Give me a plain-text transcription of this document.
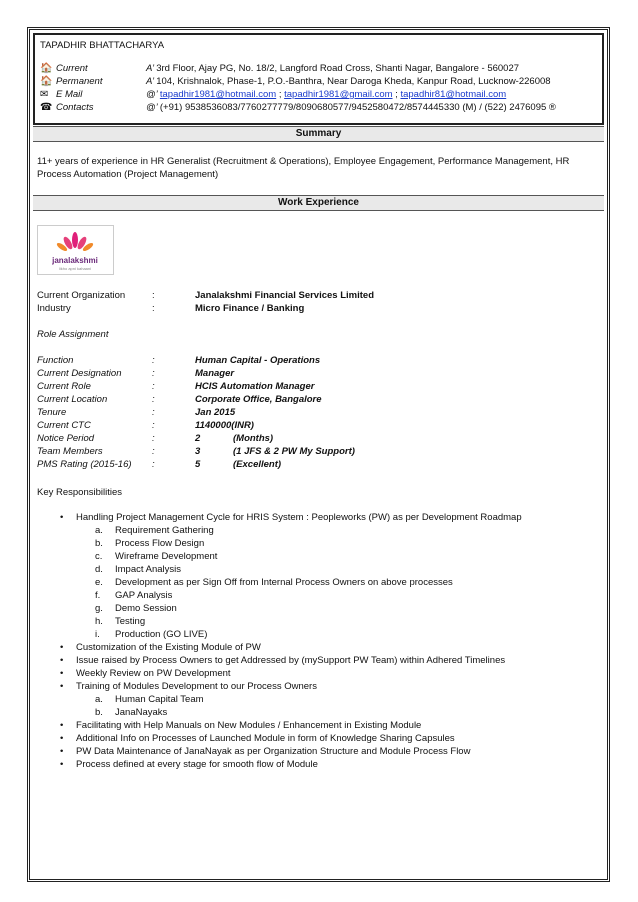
TAPADHIR BHATTACHARYA
🏠 Current	A’ 3rd Floor, Ajay PG, No. 18/2, Langford Road Cross, Shanti Nagar, Bangalore - 560027
🏠 Permanent	A’ 104, Krishnalok, Phase-1, P.O.-Banthra, Near Daroga Kheda, Kanpur Road, Lucknow-226008
✉ E Mail	@’ tapadhir1981@hotmail.com ; tapadhir1981@gmail.com ; tapadhir81@hotmail.com
☎ Contacts	@’ (+91) 9538536083/7760277779/8090680577/9452580472/8574445330 (M) / (522) 2476095 ®
Summary
11+ years of experience in HR Generalist (Recruitment & Operations), Employee Engagement, Performance Management, HR Process Automation (Project Management)
Work Experience
janalakshmi
likho apni kahaani
Current Organization	:	Janalakshmi Financial Services Limited
Industry	:	Micro Finance / Banking
Role Assignment
Function	:	Human Capital - Operations
Current Designation	:	Manager
Current Role	:	HCIS Automation Manager
Current Location	:	Corporate Office, Bangalore
Tenure	:	Jan 2015
Current CTC	:	1140000(INR)
Notice Period	:	2	(Months)
Team Members	:	3	(1 JFS & 2 PW My Support)
PMS Rating (2015-16)	:	5	(Excellent)
Key Responsibilities
• Handling Project Management Cycle for HRIS System : Peopleworks (PW) as per Development Roadmap
a. Requirement Gathering
b. Process Flow Design
c. Wireframe Development
d. Impact Analysis
e. Development as per Sign Off from Internal Process Owners on above processes
f. GAP Analysis
g. Demo Session
h. Testing
i. Production (GO LIVE)
• Customization of the Existing Module of PW
• Issue raised by Process Owners to get Addressed by (mySupport PW Team) within Adhered Timelines
• Weekly Review on PW Development
• Training of Modules Development to our Process Owners
a. Human Capital Team
b. JanaNayaks
• Facilitating with Help Manuals on New Modules / Enhancement in Existing Module
• Additional Info on Processes of Launched Module in form of Knowledge Sharing Capsules
• PW Data Maintenance of JanaNayak as per Organization Structure and Module Process Flow
• Process defined at every stage for smooth flow of Module
